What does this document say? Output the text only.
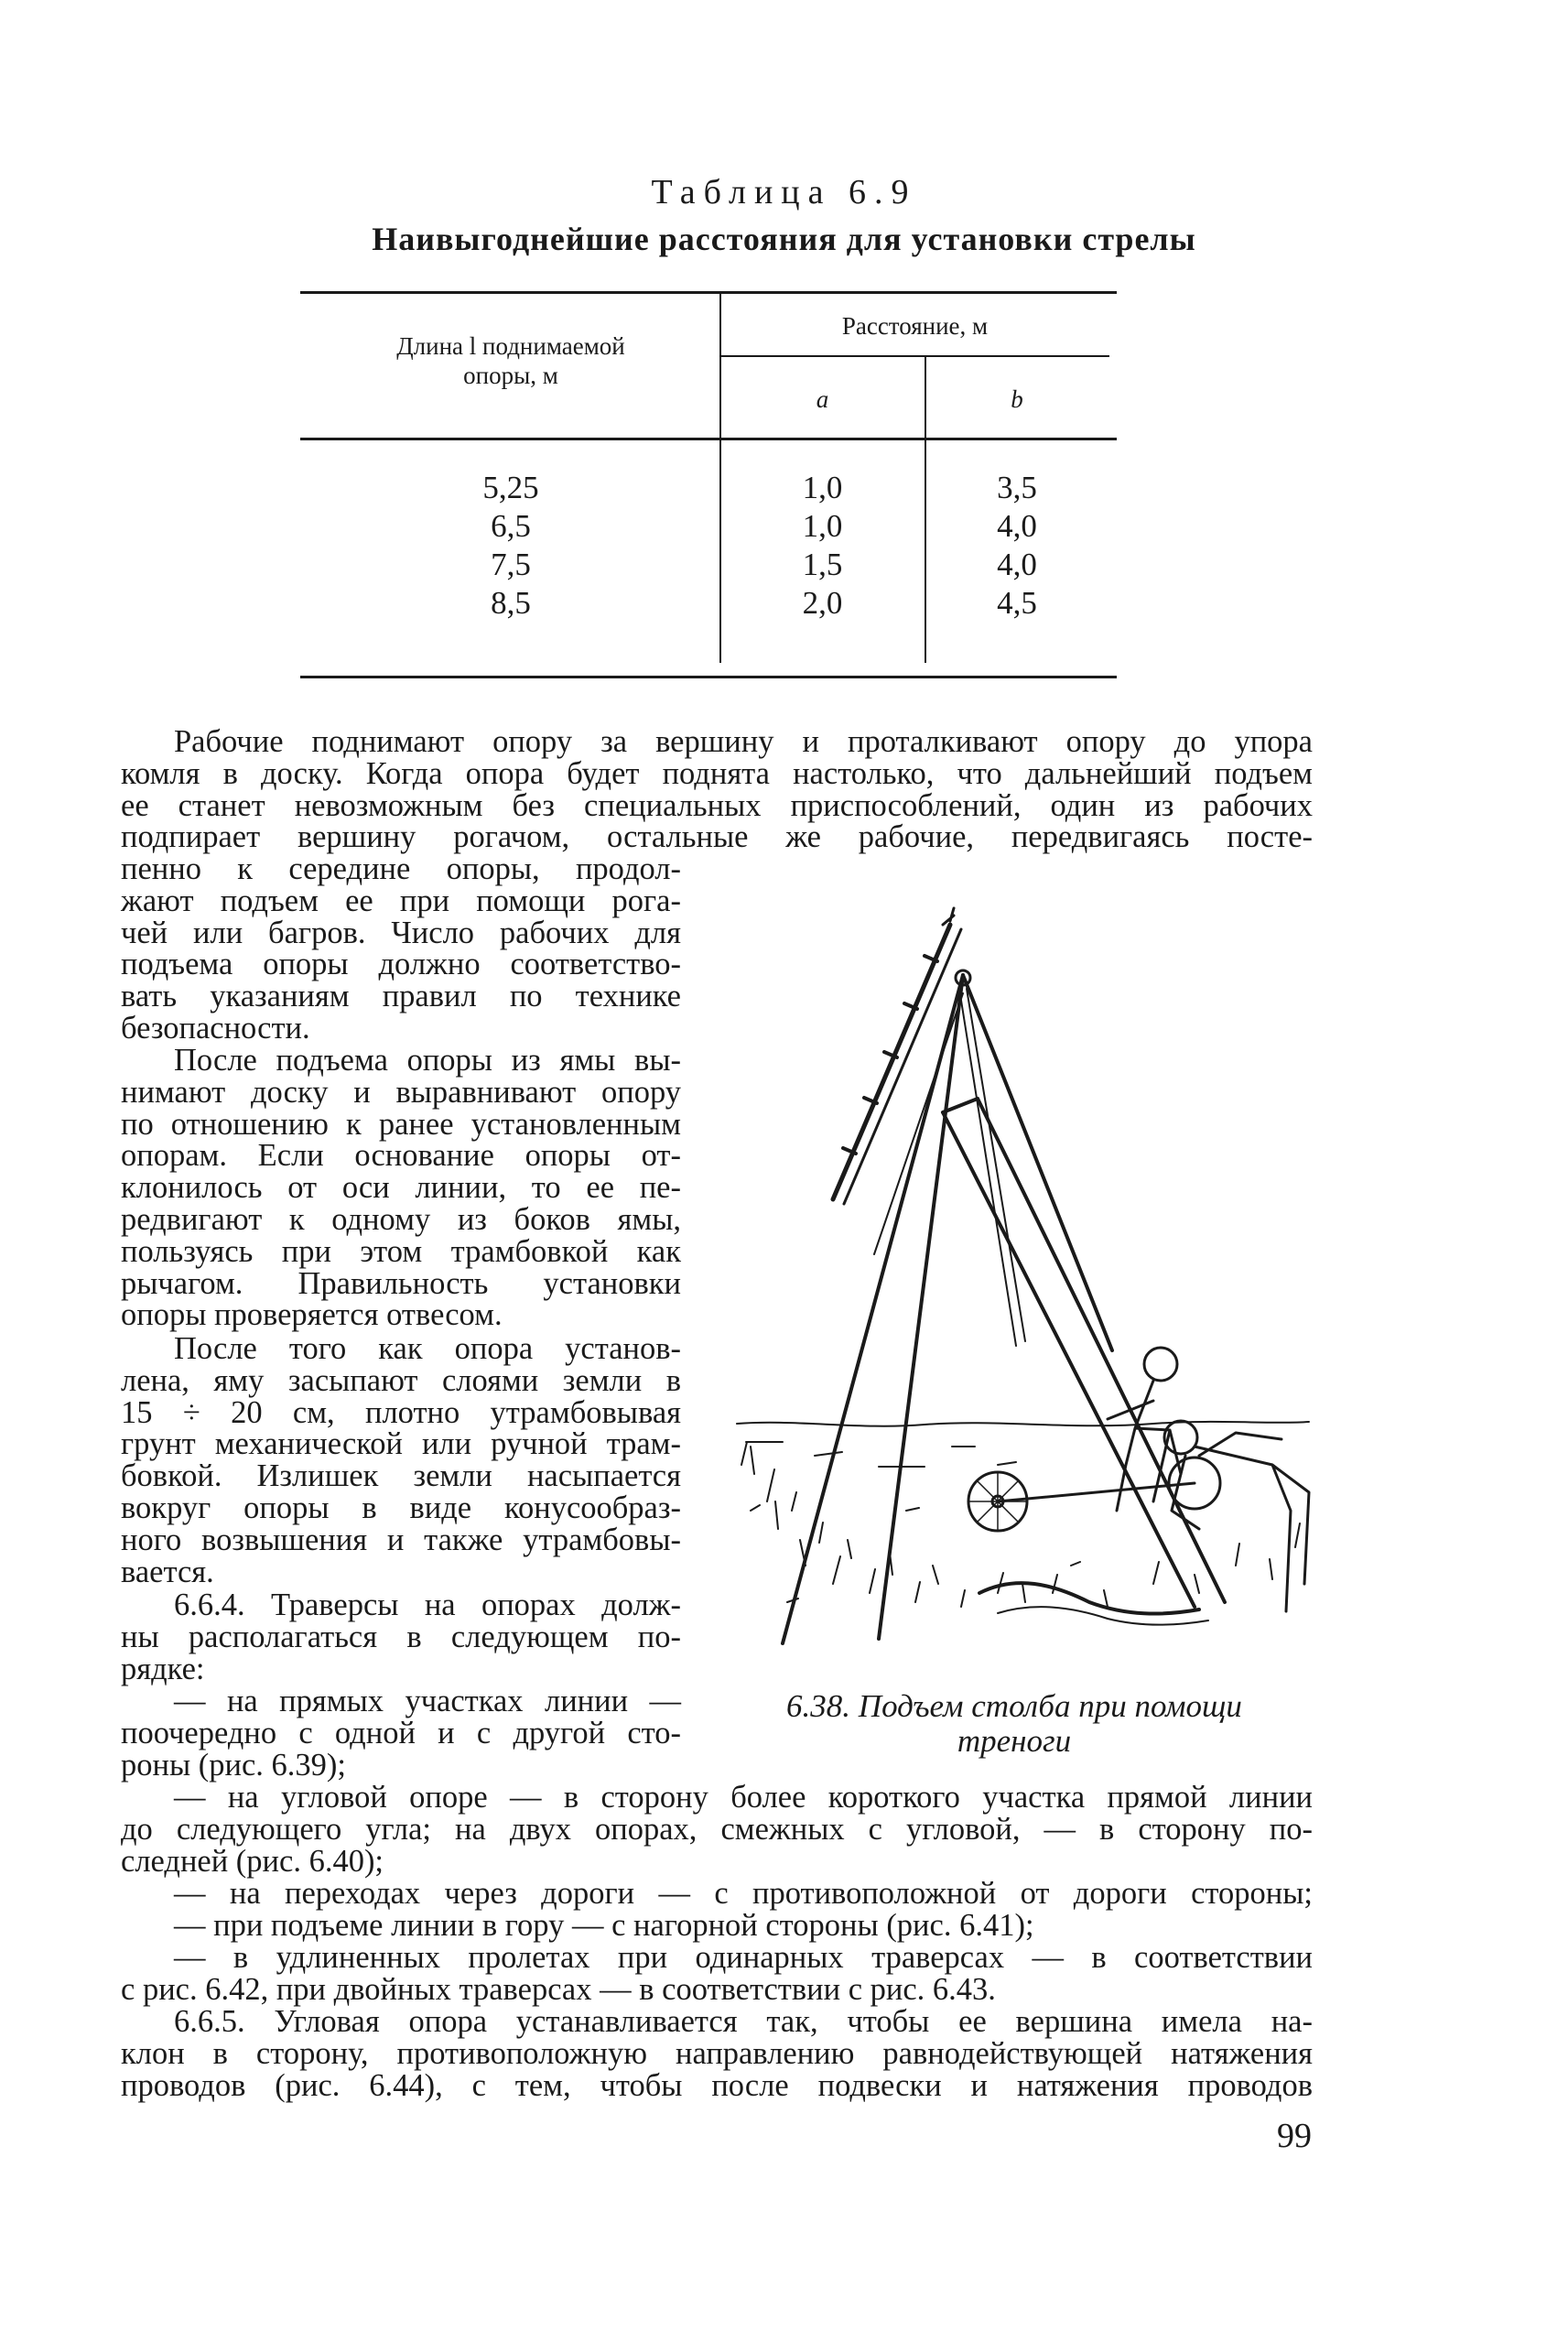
Таблица 6.9
Наивыгоднейшие расстояния для установки стрелы
Длина l поднимаемой
опоры, м
Расстояние, м
a	b
5,25	1,0	3,5
6,5	1,0	4,0
7,5	1,5	4,0
8,5	2,0	4,5
Рабочие поднимают опору за вершину и проталкивают опору до упора
комля в доску. Когда опора будет поднята настолько, что дальнейший подъем
ее станет невозможным без специальных приспособлений, один из рабочих
подпирает вершину рогачом, остальные же рабочие, передвигаясь посте-
пенно к середине опоры, продол-
жают подъем ее при помощи рога-
чей или багров. Число рабочих для
подъема опоры должно соответство-
вать указаниям правил по технике
безопасности.
После подъема опоры из ямы вы-
нимают доску и выравнивают опору
по отношению к ранее установленным
опорам. Если основание опоры от-
клонилось от оси линии, то ее пе-
редвигают к одному из боков ямы,
пользуясь при этом трамбовкой как
рычагом. Правильность установки
опоры проверяется отвесом.
После того как опора установ-
лена, яму засыпают слоями земли в
15 ÷ 20 см, плотно утрамбовывая
грунт механической или ручной трам-
бовкой. Излишек земли насыпается
вокруг опоры в виде конусообраз-
ного возвышения и также утрамбовы-
вается.
6.6.4. Траверсы на опорах долж-
ны располагаться в следующем по-
рядке:
— на прямых участках линии —
поочередно с одной и с другой сто-
роны (рис. 6.39);
— на угловой опоре — в сторону более короткого участка прямой линии
до следующего угла; на двух опорах, смежных с угловой, — в сторону по-
следней (рис. 6.40);
— на переходах через дороги — с противоположной от дороги стороны;
— при подъеме линии в гору — с нагорной стороны (рис. 6.41);
— в удлиненных пролетах при одинарных траверсах — в соответствии
с рис. 6.42, при двойных траверсах — в соответствии с рис. 6.43.
6.6.5. Угловая опора устанавливается так, чтобы ее вершина имела на-
клон в сторону, противоположную направлению равнодействующей натяжения
проводов (рис. 6.44), с тем, чтобы после подвески и натяжения проводов
6.38. Подъем столба при помощи
треноги
99
